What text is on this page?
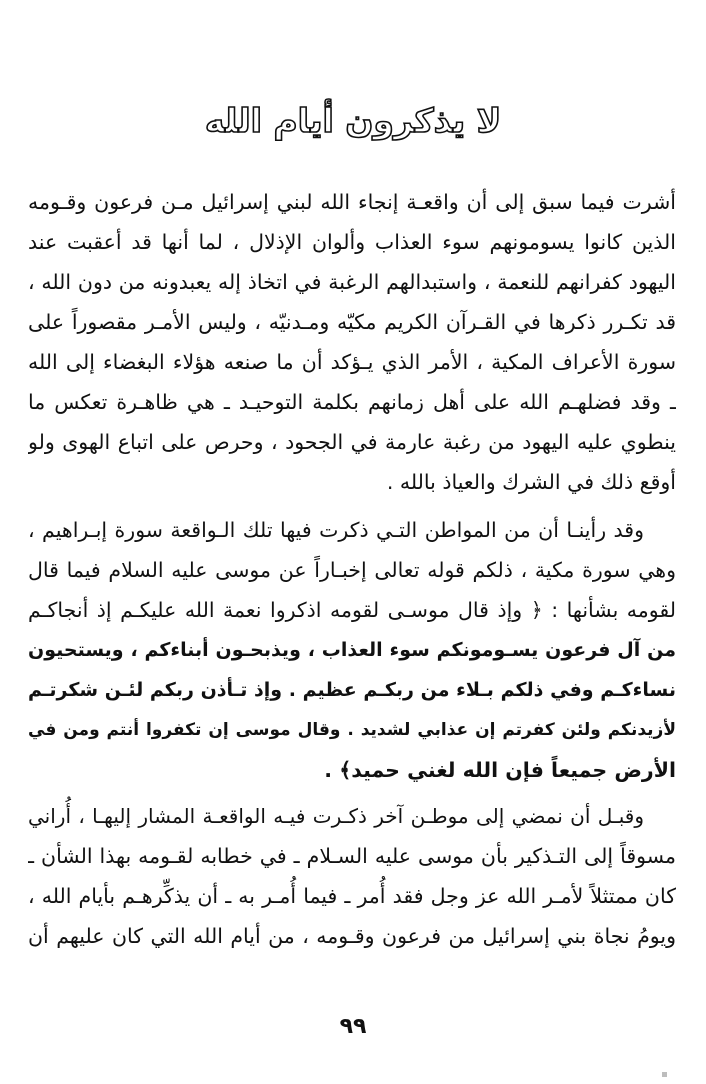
لا يذكرون أيام الله
أشرت فيما سبق إلى أن واقعـة إنجاء الله لبني إسرائيل مـن فرعون وقـومه
الذين كانوا يسومونهم سوء العذاب وألوان الإذلال ، لما أنها قد أعقبت عند
اليهود كفرانهم للنعمة ، واستبدالهم الرغبة في اتخاذ إله يعبدونه من دون الله ،
قد تكـرر ذكرها في القـرآن الكريم مكيّه ومـدنيّه ، وليس الأمـر مقصوراً على
سورة الأعراف المكية ، الأمر الذي يـؤكد أن ما صنعه هؤلاء البغضاء إلى الله
ـ وقد فضلهـم الله على أهل زمانهم بكلمة التوحيـد ـ هي ظاهـرة تعكس ما
ينطوي عليه اليهود من رغبة عارمة في الجحود ، وحرص على اتباع الهوى ولو
أوقع ذلك في الشرك والعياذ بالله .
وقد رأينـا أن من المواطن التـي ذكرت فيها تلك الـواقعة سورة إبـراهيم ،
وهي سورة مكية ، ذلكم قوله تعالى إخبـاراً عن موسى عليه السلام فيما قال
لقومه بشأنها : ﴿ وإذ قال موسـى لقومه اذكروا نعمة الله عليكـم إذ أنجاكـم
من آل فرعون يسـومونكم سوء العذاب ، ويذبحـون أبناءكم ، ويستحيون
نساءكـم وفي ذلكم بـلاء من ربكـم عظيم . وإذ تـأذن ربكم لئـن شكرتـم
لأزيدنكم ولئن كفرتم إن عذابي لشديد . وقال موسى إن تكفروا أنتم ومن في
الأرض جميعاً فإن الله لغني حميد﴾ .
وقبـل أن نمضي إلى موطـن آخر ذكـرت فيـه الواقعـة المشار إليهـا ، أُراني
مسوقاً إلى التـذكير بأن موسى عليه السـلام ـ في خطابه لقـومه بهذا الشأن ـ
كان ممتثلاً لأمـر الله عز وجل فقد أُمر ـ فيما أُمـر به ـ أن يذكِّرهـم بأيام الله ،
ويومُ نجاة بني إسرائيل من فرعون وقـومه ، من أيام الله التي كان عليهم أن
٩٩
